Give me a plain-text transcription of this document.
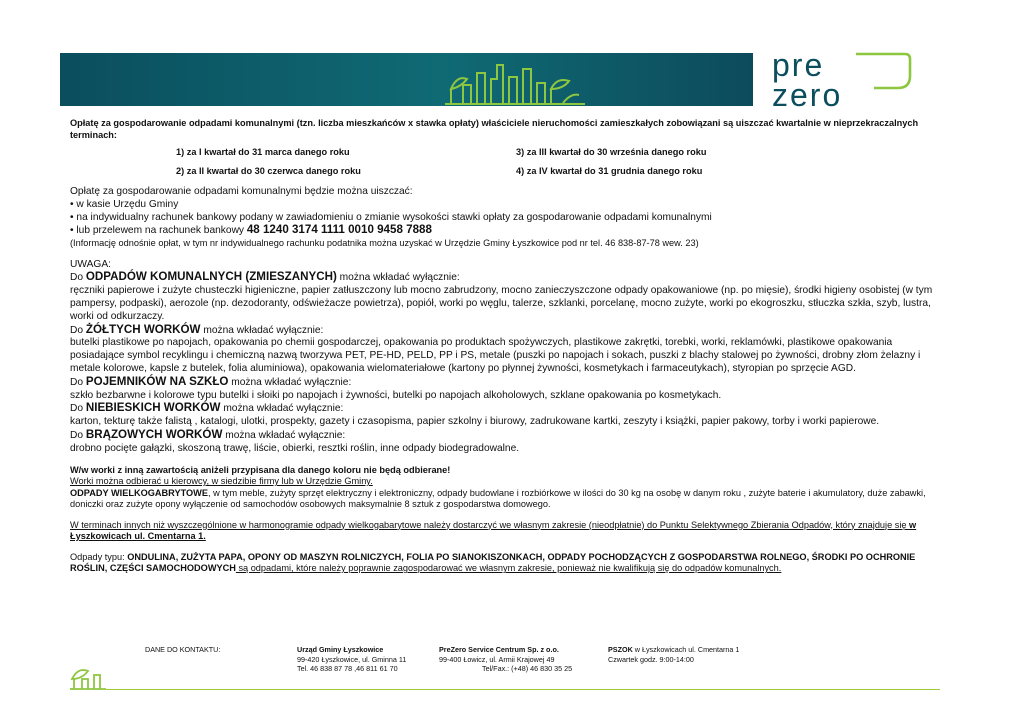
pre
zero

Opłatę za gospodarowanie odpadami komunalnymi (tzn. liczba mieszkańców x stawka opłaty) właściciele nieruchomości zamieszkałych zobowiązani są uiszczać kwartalnie w nieprzekraczalnych terminach:

1) za I kwartał do 31 marca danego roku	3) za III kwartał do 30 września danego roku
2) za II kwartał do 30 czerwca danego roku	4) za IV kwartał do 31 grudnia danego roku
Opłatę za gospodarowanie odpadami komunalnymi będzie można uiszczać:
• w kasie Urzędu Gminy
• na indywidualny rachunek bankowy podany w zawiadomieniu o zmianie wysokości stawki opłaty za gospodarowanie odpadami komunalnymi
• lub przelewem na rachunek bankowy 48 1240 3174 1111 0010 9458 7888
(Informację odnośnie opłat, w tym nr indywidualnego rachunku podatnika można uzyskać w Urzędzie Gminy Łyszkowice pod nr tel. 46 838-87-78 wew. 23)
UWAGA:
Do ODPADÓW KOMUNALNYCH (ZMIESZANYCH) można wkładać wyłącznie:
ręczniki papierowe i zużyte chusteczki higieniczne, papier zatłuszczony lub mocno zabrudzony, mocno zanieczyszczone odpady opakowaniowe (np. po mięsie), środki higieny osobistej (w tym pampersy, podpaski), aerozole (np. dezodoranty, odświeżacze powietrza), popiół, worki po węglu, talerze, szklanki, porcelanę, mocno zużyte, worki po ekogroszku, stłuczka szkła, szyb, lustra, worki od odkurzaczy.
Do ŻÓŁTYCH WORKÓW można wkładać wyłącznie:
butelki plastikowe po napojach, opakowania po chemii gospodarczej, opakowania po produktach spożywczych, plastikowe zakrętki, torebki, worki, reklamówki, plastikowe opakowania posiadające symbol recyklingu i chemiczną nazwą tworzywa PET, PE-HD, PELD, PP i PS, metale (puszki po napojach i sokach, puszki z blachy stalowej po żywności, drobny złom żelazny i metale kolorowe, kapsle z butelek, folia aluminiowa), opakowania wielomateriałowe (kartony po płynnej żywności, kosmetykach i farmaceutykach), styropian po sprzęcie AGD.
Do POJEMNIKÓW NA SZKŁO można wkładać wyłącznie:
szkło bezbarwne i kolorowe typu butelki i słoiki po napojach i żywności, butelki po napojach alkoholowych, szklane opakowania po kosmetykach.
Do NIEBIESKICH WORKÓW można wkładać wyłącznie:
karton, tekturę także falistą , katalogi, ulotki, prospekty, gazety i czasopisma, papier szkolny i biurowy, zadrukowane kartki, zeszyty i książki, papier pakowy, torby i worki papierowe.
Do BRĄZOWYCH WORKÓW można wkładać wyłącznie:
drobno pocięte gałązki, skoszoną trawę, liście, obierki, resztki roślin, inne odpady biodegradowalne.
W/w worki z inną zawartością aniżeli przypisana dla danego koloru nie będą odbierane!
Worki można odbierać u kierowcy, w siedzibie firmy lub w Urzędzie Gminy.
ODPADY WIELKOGABRYTOWE, w tym meble, zużyty sprzęt elektryczny i elektroniczny, odpady budowlane i rozbiórkowe w ilości do 30 kg na osobę w danym roku , zużyte baterie i akumulatory, duże zabawki, doniczki oraz zużyte opony wyłączenie od samochodów osobowych maksymalnie 8 sztuk z gospodarstwa domowego.
W terminach innych niż wyszczególnione w harmonogramie odpady wielkogabarytowe należy dostarczyć we własnym zakresie (nieodpłatnie) do Punktu Selektywnego Zbierania Odpadów, który znajduje się w Łyszkowicach ul. Cmentarna 1.
Odpady typu: ONDULINA, ZUŻYTA PAPA, OPONY OD MASZYN ROLNICZYCH, FOLIA PO SIANOKISZONKACH, ODPADY POCHODZĄCYCH Z GOSPODARSTWA ROLNEGO, ŚRODKI PO OCHRONIE ROŚLIN, CZĘŚCI SAMOCHODOWYCH są odpadami, które należy poprawnie zagospodarować we własnym zakresie, ponieważ nie kwalifikują się do odpadów komunalnych.
DANE DO KONTAKTU:	Urząd Gminy Łyszkowice
99-420 Łyszkowice, ul. Gminna 11
Tel. 46 838 87 78 ,46 811 61 70
PreZero Service Centrum Sp. z o.o.
99-400 Łowicz, ul. Armii Krajowej 49
Tel/Fax.: (+48) 46 830 35 25
PSZOK w Łyszkowicach ul. Cmentarna 1
Czwartek godz. 9:00-14:00
